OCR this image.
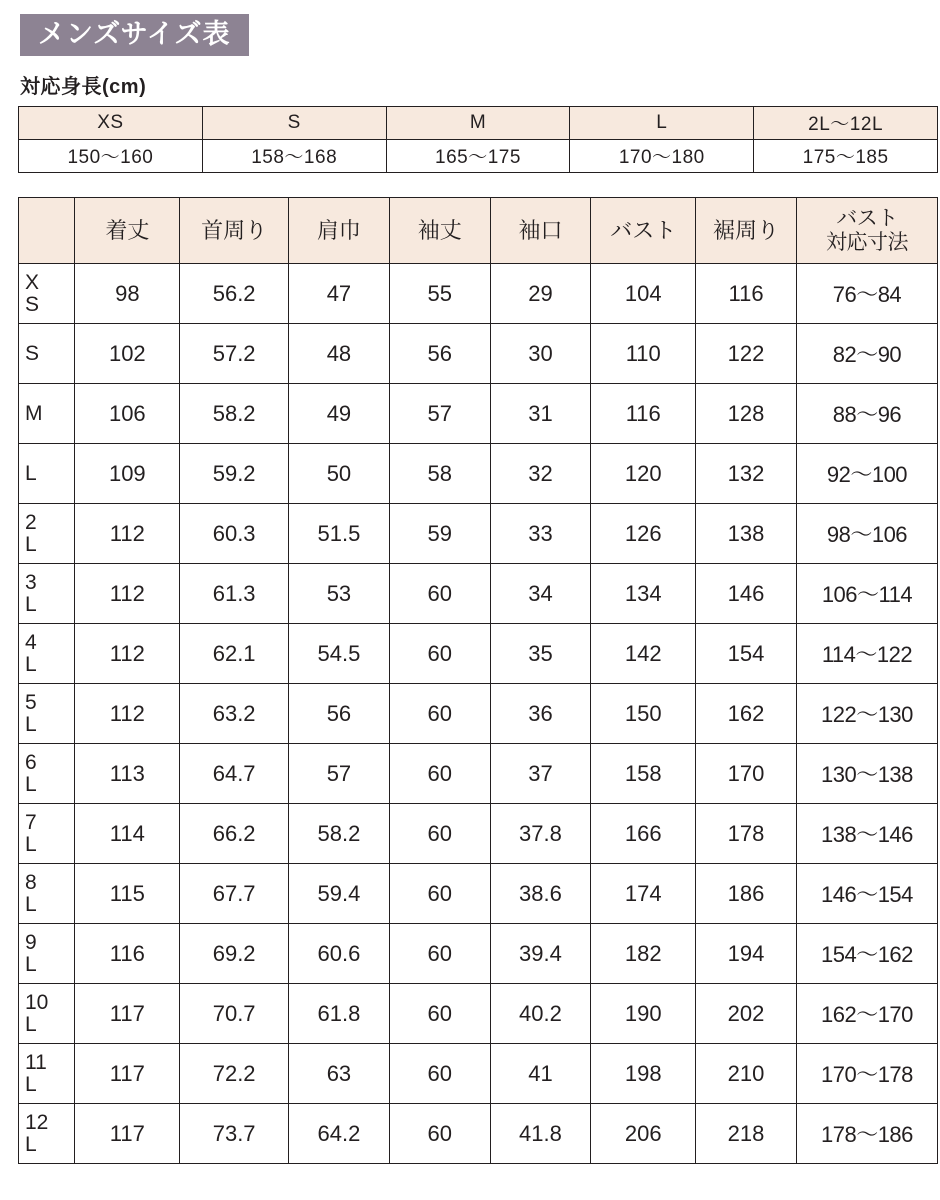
メンズサイズ表
対応身長(cm)
XS	S	M	L	2L〜12L
150〜160	158〜168	165〜175	170〜180	175〜185
	着丈	首周り	肩巾	袖丈	袖口	バスト	裾周り	バスト
対応寸法

X
S	98	56.2	47	55	29	104	116	76〜84

S	102	57.2	48	56	30	110	122	82〜90

M	106	58.2	49	57	31	116	128	88〜96

L	109	59.2	50	58	32	120	132	92〜100

2
L	112	60.3	51.5	59	33	126	138	98〜106

3
L	112	61.3	53	60	34	134	146	106〜114

4
L	112	62.1	54.5	60	35	142	154	114〜122

5
L	112	63.2	56	60	36	150	162	122〜130

6
L	113	64.7	57	60	37	158	170	130〜138

7
L	114	66.2	58.2	60	37.8	166	178	138〜146

8
L	115	67.7	59.4	60	38.6	174	186	146〜154

9
L	116	69.2	60.6	60	39.4	182	194	154〜162

10
L	117	70.7	61.8	60	40.2	190	202	162〜170

11
L	117	72.2	63	60	41	198	210	170〜178

12
L	117	73.7	64.2	60	41.8	206	218	178〜186
